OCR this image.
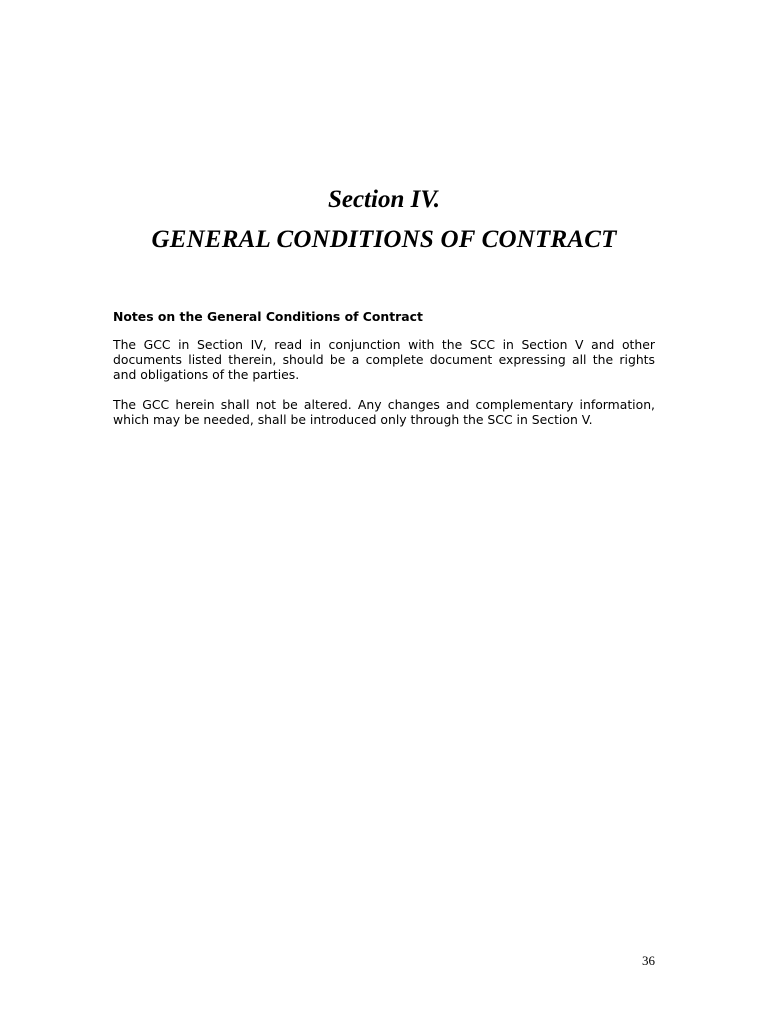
Section IV.
GENERAL CONDITIONS OF CONTRACT

Notes on the General Conditions of Contract

The GCC in Section IV, read in conjunction with the SCC in Section V and other documents listed therein, should be a complete document expressing all the rights and obligations of the parties.

The GCC herein shall not be altered. Any changes and complementary information, which may be needed, shall be introduced only through the SCC in Section V.

36
